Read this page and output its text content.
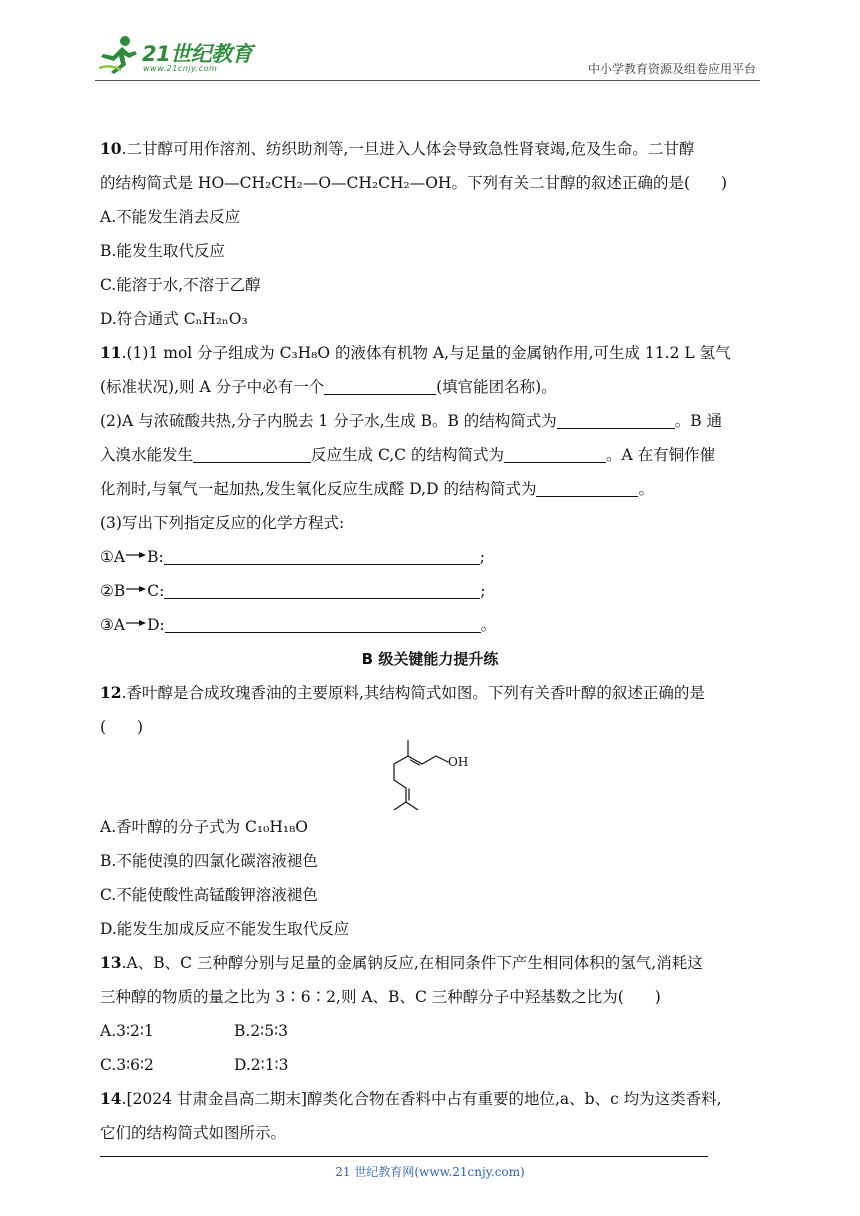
21世纪教育
www.21cnjy.com	中小学教育资源及组卷应用平台
10.二甘醇可用作溶剂、纺织助剂等,一旦进入人体会导致急性肾衰竭,危及生命。二甘醇
的结构简式是 HO—CH₂CH₂—O—CH₂CH₂—OH。下列有关二甘醇的叙述正确的是(　　)
A.不能发生消去反应
B.能发生取代反应
C.能溶于水,不溶于乙醇
D.符合通式 CₙH₂ₙO₃
11.(1)1 mol 分子组成为 C₃H₈O 的液体有机物 A,与足量的金属钠作用,可生成 11.2 L 氢气
(标准状况),则 A 分子中必有一个	(填官能团名称)。
(2)A 与浓硫酸共热,分子内脱去 1 分子水,生成 B。B 的结构简式为	。B 通
入溴水能发生	反应生成 C,C 的结构简式为	。A 在有铜作催
化剂时,与氧气一起加热,发生氧化反应生成醛 D,D 的结构简式为	。
(3)写出下列指定反应的化学方程式:
①A→B:	;
②B→C:	;
③A→D:	。
B 级关键能力提升练
12.香叶醇是合成玫瑰香油的主要原料,其结构简式如图。下列有关香叶醇的叙述正确的是
(　　)
OH
A.香叶醇的分子式为 C₁₀H₁₈O
B.不能使溴的四氯化碳溶液褪色
C.不能使酸性高锰酸钾溶液褪色
D.能发生加成反应不能发生取代反应
13.A、B、C 三种醇分别与足量的金属钠反应,在相同条件下产生相同体积的氢气,消耗这
三种醇的物质的量之比为 3∶6∶2,则 A、B、C 三种醇分子中羟基数之比为(　　)
A.3∶2∶1	B.2∶5∶3
C.3∶6∶2	D.2∶1∶3
14.[2024 甘肃金昌高二期末]醇类化合物在香料中占有重要的地位,a、b、c 均为这类香料,
它们的结构简式如图所示。
21 世纪教育网(www.21cnjy.com)
